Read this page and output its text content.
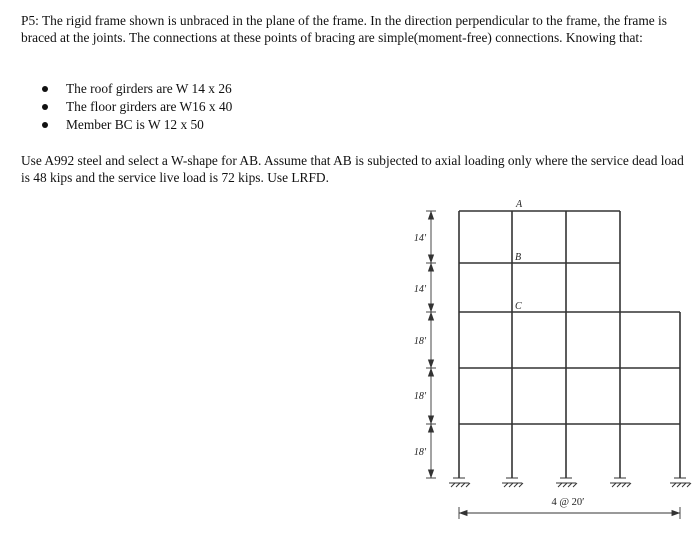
P5: The rigid frame shown is unbraced in the plane of the frame. In the direction perpendicular to the frame, the frame is braced at the joints. The connections at these points of bracing are simple(moment-free) connections. Knowing that:

The roof girders are W 14 x 26
The floor girders are W16 x 40
Member BC is W 12 x 50

Use A992 steel and select a W-shape for AB. Assume that AB is subjected to axial loading only where the service dead load is 48 kips and the service live load is 72 kips. Use LRFD.

14′
14′
18′
18′
18′
A
B
C
4 @ 20′
